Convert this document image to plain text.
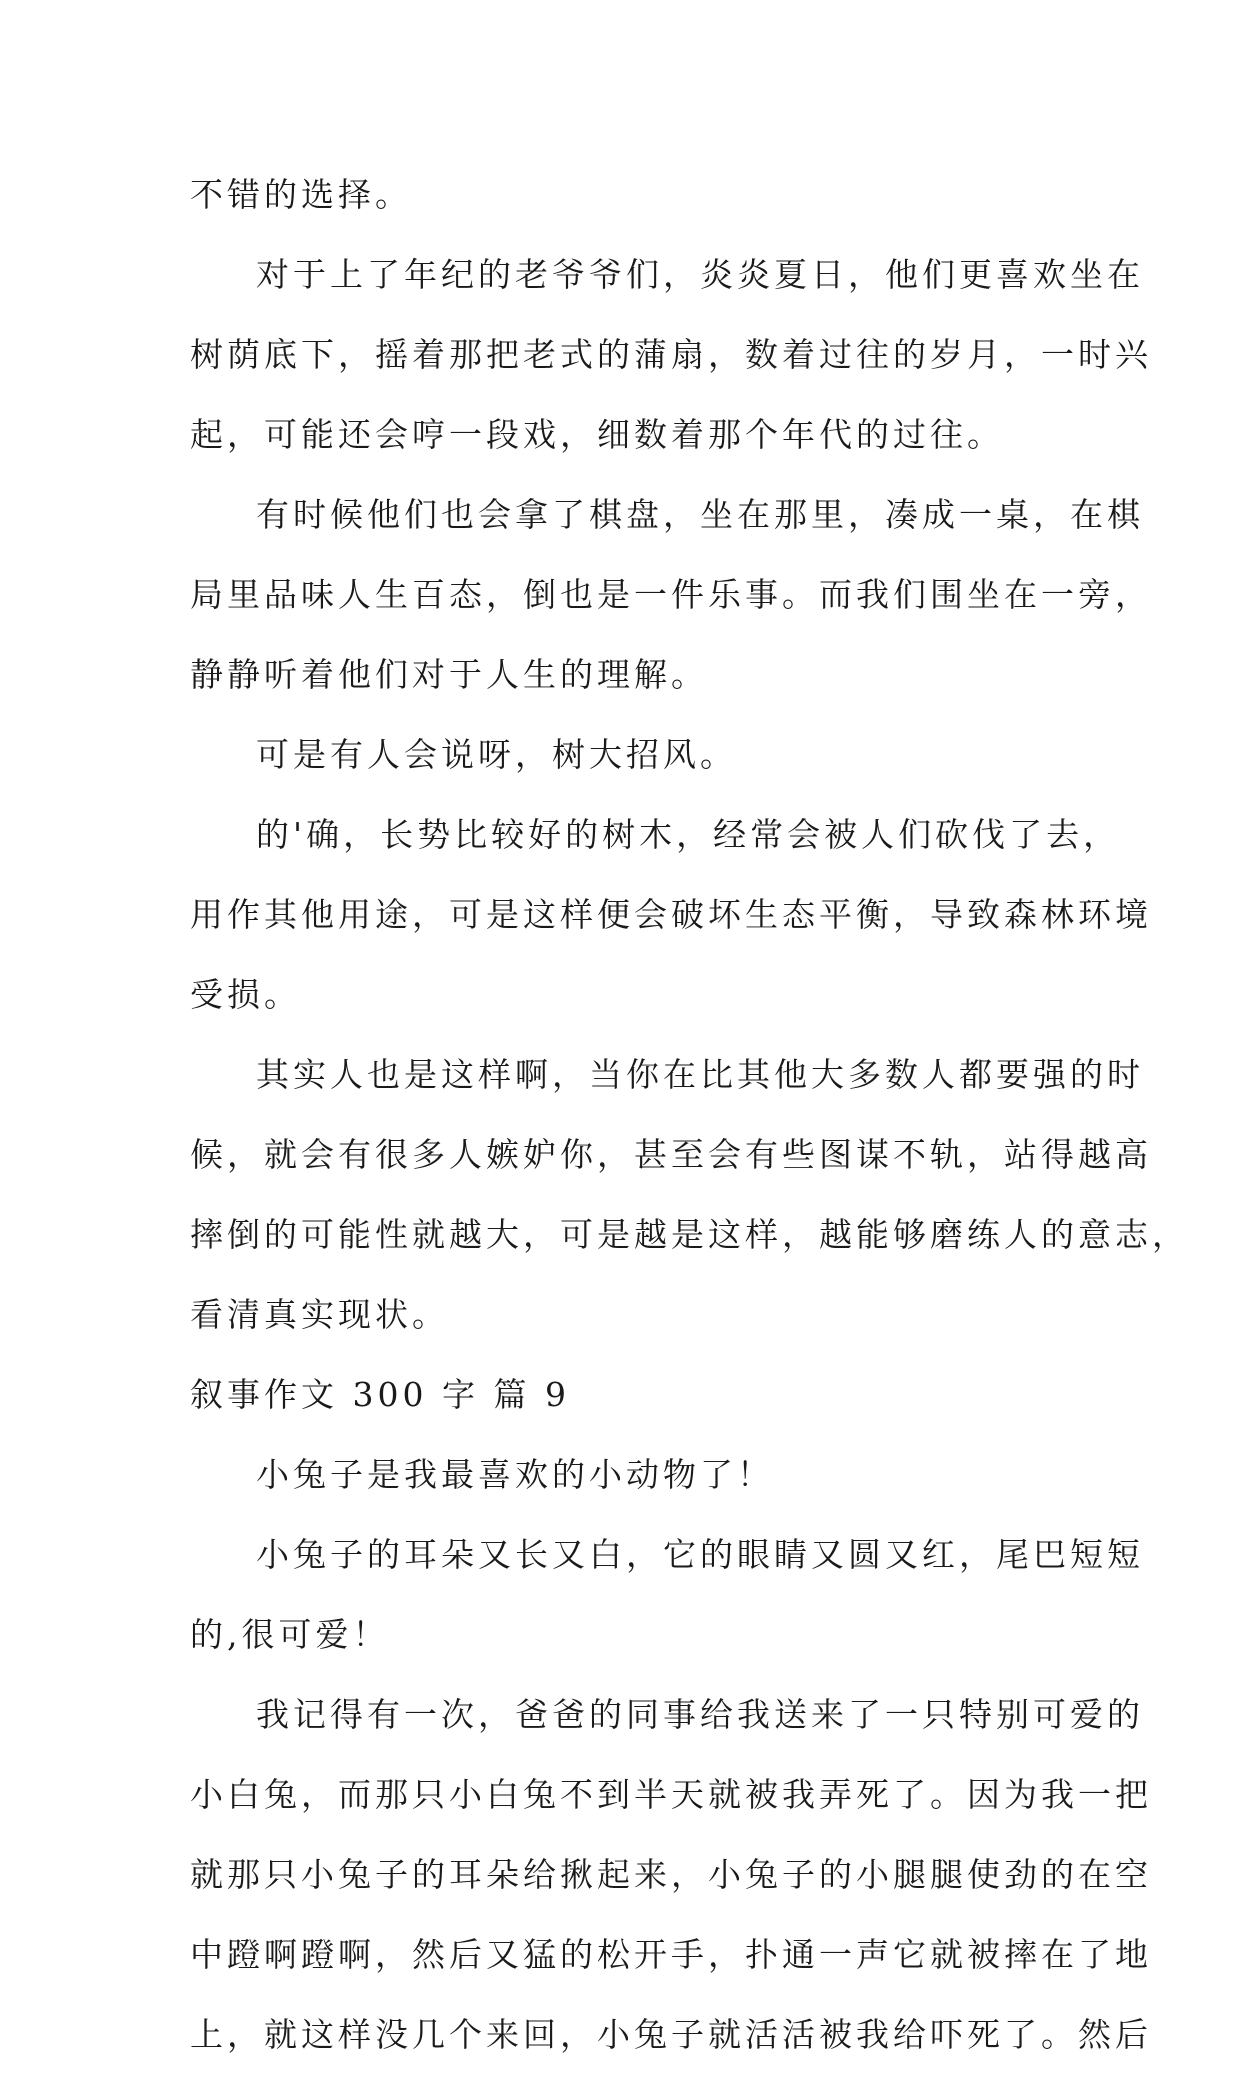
不错的选择。
对于上了年纪的老爷爷们，炎炎夏日，他们更喜欢坐在
树荫底下，摇着那把老式的蒲扇，数着过往的岁月，一时兴
起，可能还会哼一段戏，细数着那个年代的过往。
有时候他们也会拿了棋盘，坐在那里，凑成一桌，在棋
局里品味人生百态，倒也是一件乐事。而我们围坐在一旁，
静静听着他们对于人生的理解。
可是有人会说呀，树大招风。
的'确，长势比较好的树木，经常会被人们砍伐了去，
用作其他用途，可是这样便会破坏生态平衡，导致森林环境
受损。
其实人也是这样啊，当你在比其他大多数人都要强的时
候，就会有很多人嫉妒你，甚至会有些图谋不轨，站得越高
摔倒的可能性就越大，可是越是这样，越能够磨练人的意志，
看清真实现状。
叙事作文 300 字 篇 9
小兔子是我最喜欢的小动物了！
小兔子的耳朵又长又白，它的眼睛又圆又红，尾巴短短
的,很可爱！
我记得有一次，爸爸的同事给我送来了一只特别可爱的
小白兔，而那只小白兔不到半天就被我弄死了。因为我一把
就那只小兔子的耳朵给揪起来，小兔子的小腿腿使劲的在空
中蹬啊蹬啊，然后又猛的松开手，扑通一声它就被摔在了地
上，就这样没几个来回，小兔子就活活被我给吓死了。然后
